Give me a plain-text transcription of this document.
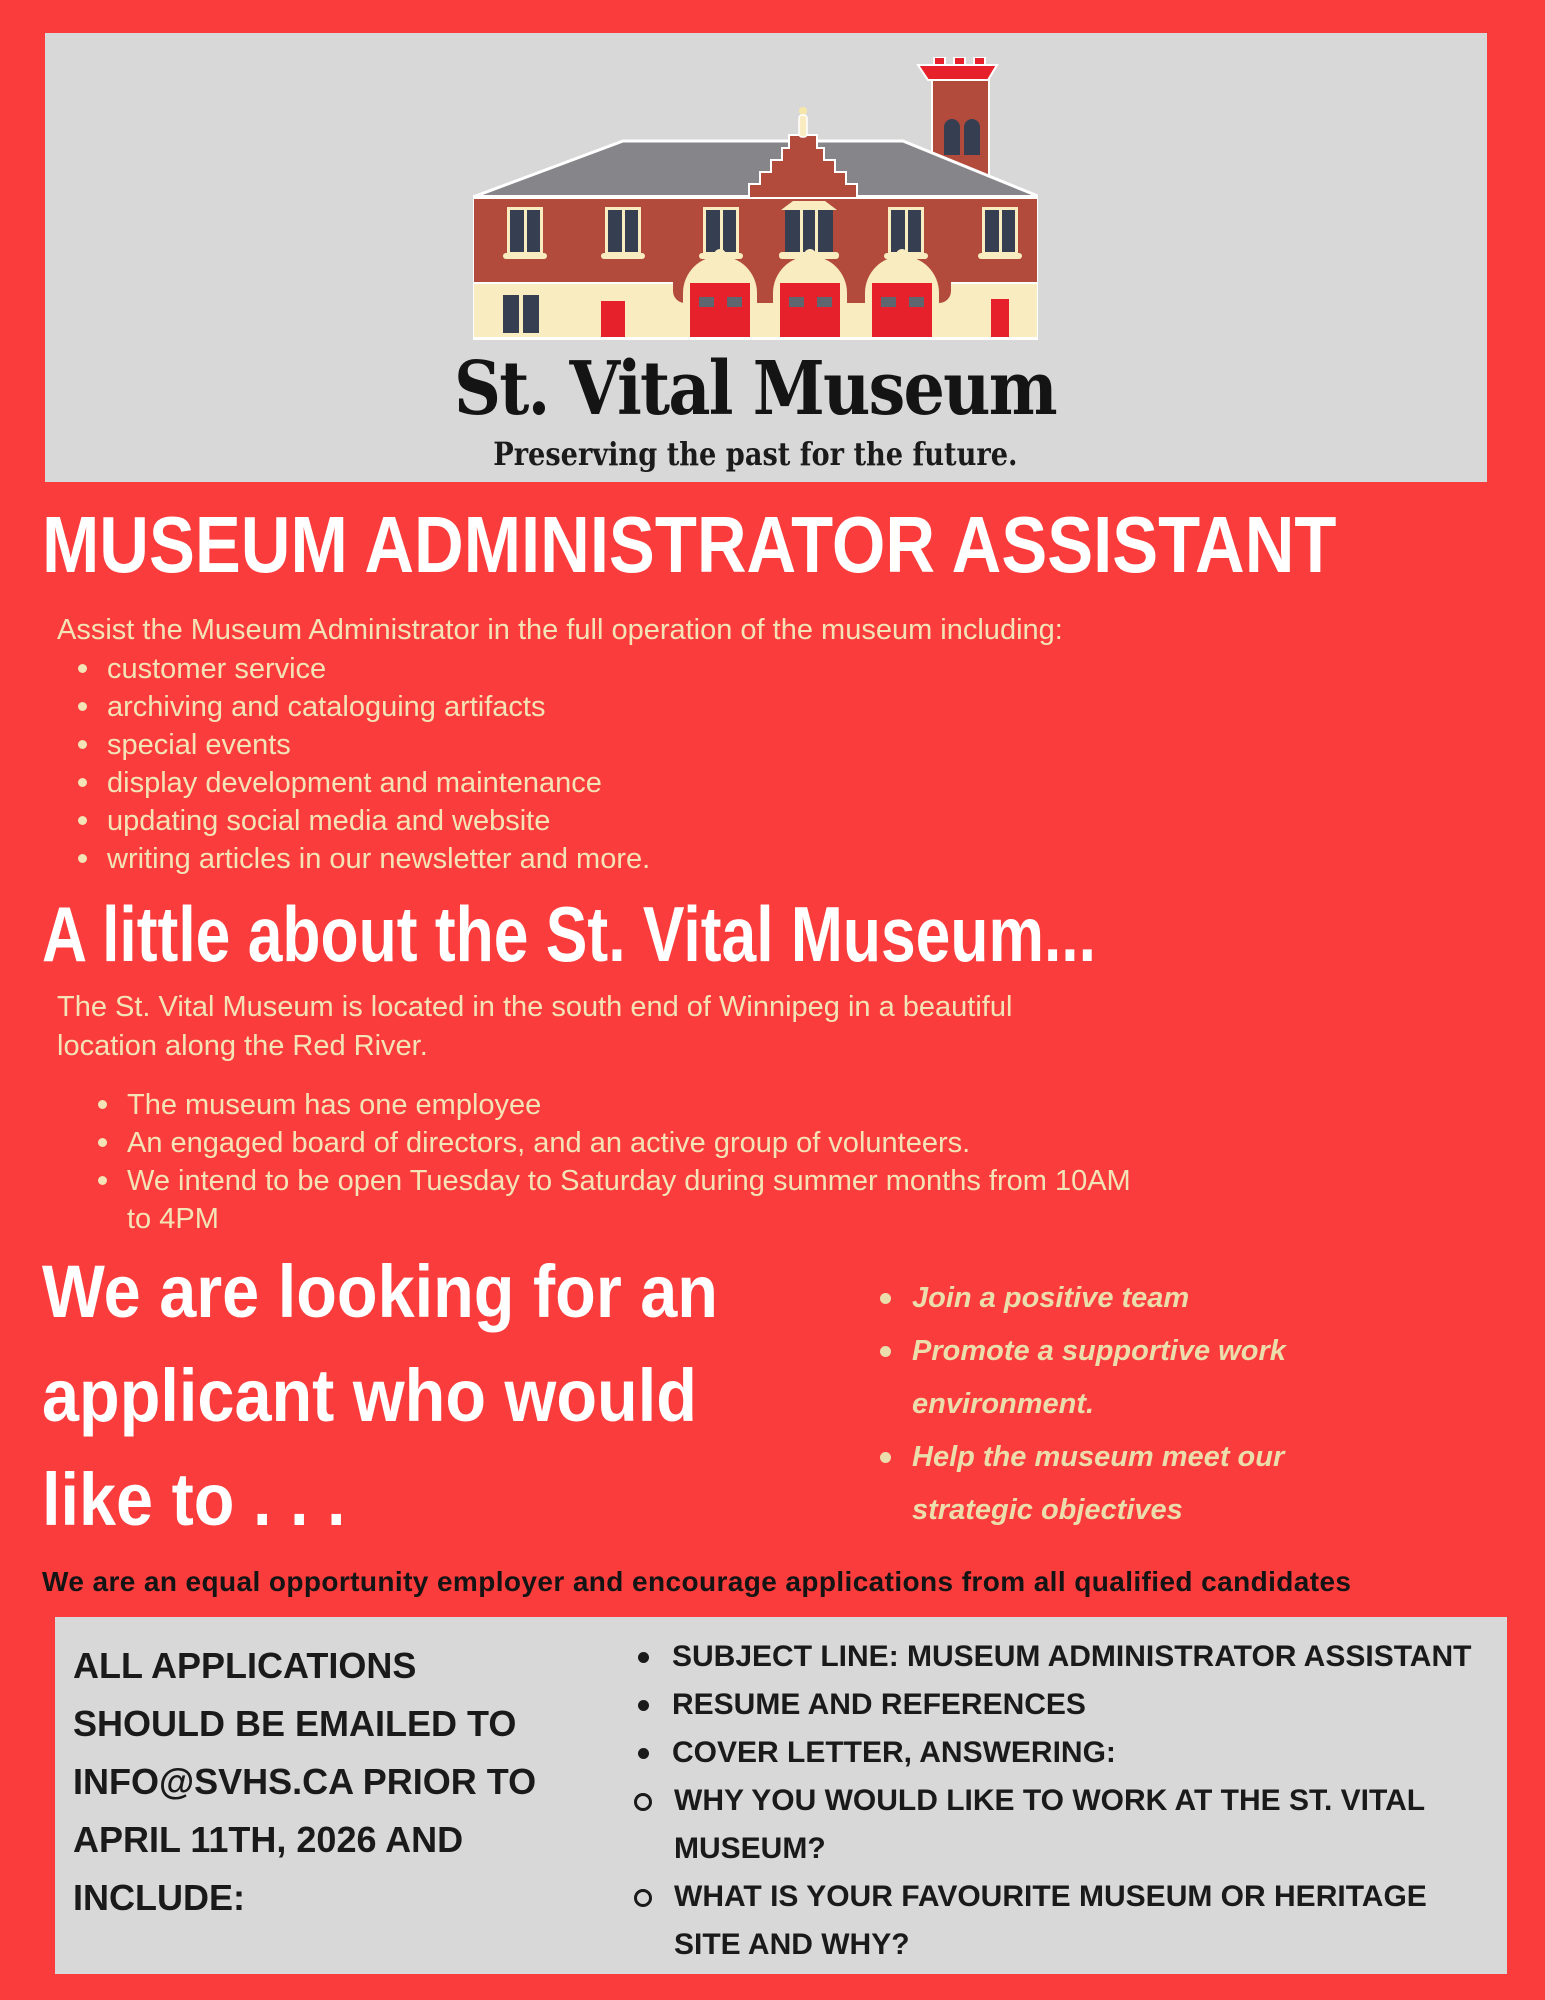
St. Vital Museum
Preserving the past for the future.
MUSEUM ADMINISTRATOR ASSISTANT
Assist the Museum Administrator in the full operation of the museum including:
customer service
archiving and cataloguing artifacts
special events
display development and maintenance
updating social media and website
writing articles in our newsletter and more.
A little about the St. Vital Museum...
The St. Vital Museum is located in the south end of Winnipeg in a beautiful location along the Red River.
The museum has one employee
An engaged board of directors, and an active group of volunteers.
We intend to be open Tuesday to Saturday during summer months from 10AM to 4PM
We are looking for an applicant who would like to . . .
Join a positive team
Promote a supportive work environment.
Help the museum meet our strategic objectives
We are an equal opportunity employer and encourage applications from all qualified candidates
ALL APPLICATIONS SHOULD BE EMAILED TO INFO@SVHS.CA PRIOR TO APRIL 11TH, 2026 AND INCLUDE:
SUBJECT LINE: MUSEUM ADMINISTRATOR ASSISTANT
RESUME AND REFERENCES
COVER LETTER, ANSWERING:
WHY YOU WOULD LIKE TO WORK AT THE ST. VITAL MUSEUM?
WHAT IS YOUR FAVOURITE MUSEUM OR HERITAGE SITE AND WHY?
